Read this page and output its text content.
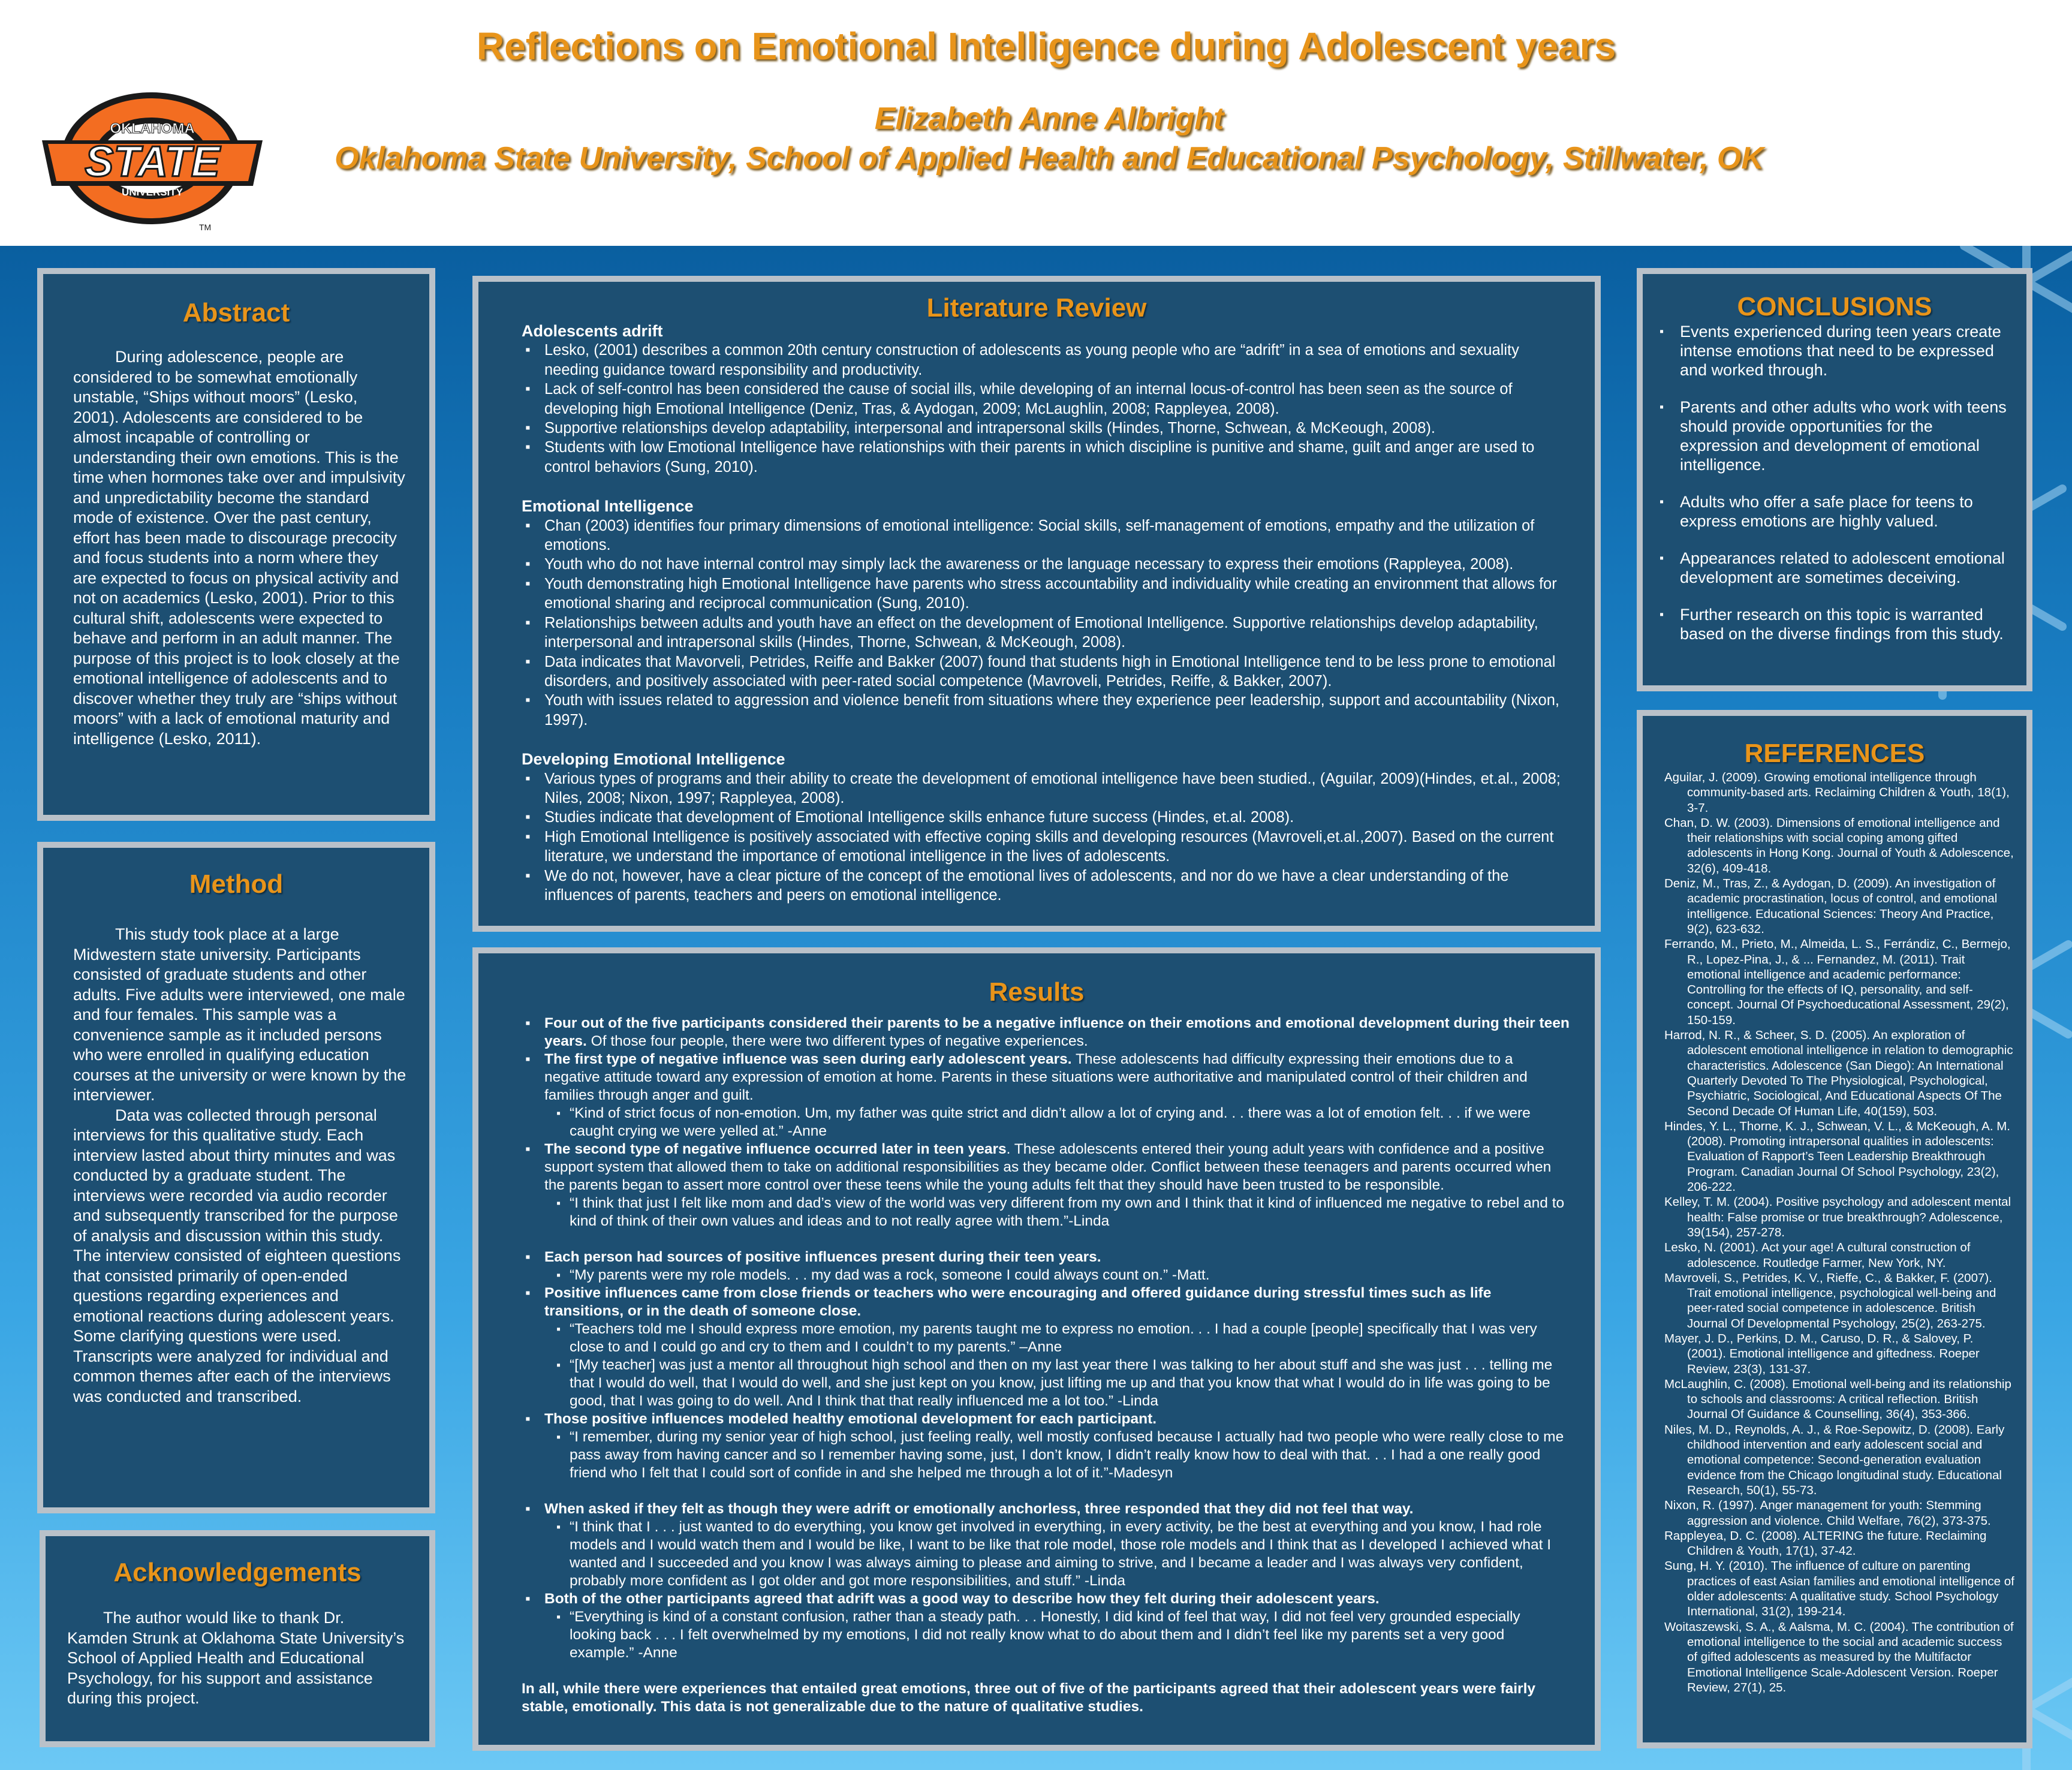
OKLAHOMA
STATE
UNIVERSITY
TM
Reflections on Emotional Intelligence during Adolescent years
Elizabeth Anne Albright
Oklahoma State University, School of Applied Health and Educational Psychology, Stillwater, OK
Abstract

During adolescence, people are considered to be somewhat emotionally unstable, “Ships without moors” (Lesko, 2001). Adolescents are considered to be almost incapable of controlling or understanding their own emotions. This is the time when hormones take over and impulsivity and unpredictability become the standard mode of existence. Over the past century, effort has been made to discourage precocity and focus students into a norm where they are expected to focus on physical activity and not on academics (Lesko, 2001). Prior to this cultural shift, adolescents were expected to behave and perform in an adult manner. The purpose of this project is to look closely at the emotional intelligence of adolescents and to discover whether they truly are “ships without moors” with a lack of emotional maturity and intelligence (Lesko, 2011).

Method

This study took place at a large Midwestern state university. Participants consisted of graduate students and other adults. Five adults were interviewed, one male and four females. This sample was a convenience sample as it included persons who were enrolled in qualifying education courses at the university or were known by the interviewer.

Data was collected through personal interviews for this qualitative study. Each interview lasted about thirty minutes and was conducted by a graduate student. The interviews were recorded via audio recorder and subsequently transcribed for the purpose of analysis and discussion within this study. The interview consisted of eighteen questions that consisted primarily of open-ended questions regarding experiences and emotional reactions during adolescent years. Some clarifying questions were used. Transcripts were analyzed for individual and common themes after each of the interviews was conducted and transcribed.

Acknowledgements

The author would like to thank Dr. Kamden Strunk at Oklahoma State University’s School of Applied Health and Educational Psychology, for his support and assistance during this project.

Literature Review

Adolescents adrift

▪ Lesko, (2001) describes a common 20th century construction of adolescents as young people who are “adrift” in a sea of emotions and sexuality needing guidance toward responsibility and productivity.
▪ Lack of self-control has been considered the cause of social ills, while developing of an internal locus-of-control has been seen as the source of developing high Emotional Intelligence (Deniz, Tras, & Aydogan, 2009; McLaughlin, 2008; Rappleyea, 2008).
▪ Supportive relationships develop adaptability, interpersonal and intrapersonal skills (Hindes, Thorne, Schwean, & McKeough, 2008).
▪ Students with low Emotional Intelligence have relationships with their parents in which discipline is punitive and shame, guilt and anger are used to control behaviors (Sung, 2010).

Emotional Intelligence

▪ Chan (2003) identifies four primary dimensions of emotional intelligence: Social skills, self-management of emotions, empathy and the utilization of emotions.
▪ Youth who do not have internal control may simply lack the awareness or the language necessary to express their emotions (Rappleyea, 2008).
▪ Youth demonstrating high Emotional Intelligence have parents who stress accountability and individuality while creating an environment that allows for emotional sharing and reciprocal communication (Sung, 2010).
▪ Relationships between adults and youth have an effect on the development of Emotional Intelligence. Supportive relationships develop adaptability, interpersonal and intrapersonal skills (Hindes, Thorne, Schwean, & McKeough, 2008).
▪ Data indicates that Mavorveli, Petrides, Reiffe and Bakker (2007) found that students high in Emotional Intelligence tend to be less prone to emotional disorders, and positively associated with peer-rated social competence (Mavroveli, Petrides, Reiffe, & Bakker, 2007).
▪ Youth with issues related to aggression and violence benefit from situations where they experience peer leadership, support and accountability (Nixon, 1997).

Developing Emotional Intelligence

▪ Various types of programs and their ability to create the development of emotional intelligence have been studied., (Aguilar, 2009)(Hindes, et.al., 2008; Niles, 2008; Nixon, 1997; Rappleyea, 2008).
▪ Studies indicate that development of Emotional Intelligence skills enhance future success (Hindes, et.al. 2008).
▪ High Emotional Intelligence is positively associated with effective coping skills and developing resources (Mavroveli,et.al.,2007). Based on the current literature, we understand the importance of emotional intelligence in the lives of adolescents.
▪ We do not, however, have a clear picture of the concept of the emotional lives of adolescents, and nor do we have a clear understanding of the influences of parents, teachers and peers on emotional intelligence.
Results
▪ Four out of the five participants considered their parents to be a negative influence on their emotions and emotional development during their teen years. Of those four people, there were two different types of negative experiences.
▪ The first type of negative influence was seen during early adolescent years. These adolescents had difficulty expressing their emotions due to a negative attitude toward any expression of emotion at home. Parents in these situations were authoritative and manipulated control of their children and families through anger and guilt.
▪ “Kind of strict focus of non-emotion. Um, my father was quite strict and didn’t allow a lot of crying and. . . there was a lot of emotion felt. . . if we were caught crying we were yelled at.” -Anne
▪ The second type of negative influence occurred later in teen years. These adolescents entered their young adult years with confidence and a positive support system that allowed them to take on additional responsibilities as they became older. Conflict between these teenagers and parents occurred when the parents began to assert more control over these teens while the young adults felt that they should have been trusted to be responsible.
▪ “I think that just I felt like mom and dad’s view of the world was very different from my own and I think that it kind of influenced me negative to rebel and to kind of think of their own values and ideas and to not really agree with them.”-Linda
▪ Each person had sources of positive influences present during their teen years.
▪ “My parents were my role models. . . my dad was a rock, someone I could always count on.” -Matt.
▪ Positive influences came from close friends or teachers who were encouraging and offered guidance during stressful times such as life transitions, or in the death of someone close.
▪ “Teachers told me I should express more emotion, my parents taught me to express no emotion. . . I had a couple [people] specifically that I was very close to and I could go and cry to them and I couldn’t to my parents.” –Anne
▪ “[My teacher] was just a mentor all throughout high school and then on my last year there I was talking to her about stuff and she was just . . . telling me that I would do well, that I would do well, and she just kept on you know, just lifting me up and that you know that what I would do in life was going to be good, that I was going to do well. And I think that that really influenced me a lot too.” -Linda
▪ Those positive influences modeled healthy emotional development for each participant.
▪ “I remember, during my senior year of high school, just feeling really, well mostly confused because I actually had two people who were really close to me pass away from having cancer and so I remember having some, just, I don’t know, I didn’t really know how to deal with that. . . I had a one really good friend who I felt that I could sort of confide in and she helped me through a lot of it.”-Madesyn
▪ When asked if they felt as though they were adrift or emotionally anchorless, three responded that they did not feel that way.
▪ “I think that I . . . just wanted to do everything, you know get involved in everything, in every activity, be the best at everything and you know, I had role models and I would watch them and I would be like, I want to be like that role model, those role models and I think that as I developed I achieved what I wanted and I succeeded and you know I was always aiming to please and aiming to strive, and I became a leader and I was always very confident, probably more confident as I got older and got more responsibilities, and stuff.” -Linda
▪ Both of the other participants agreed that adrift was a good way to describe how they felt during their adolescent years.
▪ “Everything is kind of a constant confusion, rather than a steady path. . . Honestly, I did kind of feel that way, I did not feel very grounded especially looking back . . . I felt overwhelmed by my emotions, I did not really know what to do about them and I didn’t feel like my parents set a very good example.” -Anne

In all, while there were experiences that entailed great emotions, three out of five of the participants agreed that their adolescent years were fairly stable, emotionally. This data is not generalizable due to the nature of qualitative studies.

CONCLUSIONS
▪ Events experienced during teen years create intense emotions that need to be expressed and worked through.
▪ Parents and other adults who work with teens should provide opportunities for the expression and development of emotional intelligence.
▪ Adults who offer a safe place for teens to express emotions are highly valued.
▪ Appearances related to adolescent emotional development are sometimes deceiving.
▪ Further research on this topic is warranted based on the diverse findings from this study.
REFERENCES

Aguilar, J. (2009). Growing emotional intelligence through community-based arts. Reclaiming Children & Youth, 18(1), 3-7.

Chan, D. W. (2003). Dimensions of emotional intelligence and their relationships with social coping among gifted adolescents in Hong Kong. Journal of Youth & Adolescence, 32(6), 409-418.

Deniz, M., Tras, Z., & Aydogan, D. (2009). An investigation of academic procrastination, locus of control, and emotional intelligence. Educational Sciences: Theory And Practice, 9(2), 623-632.

Ferrando, M., Prieto, M., Almeida, L. S., Ferrándiz, C., Bermejo, R., Lopez-Pina, J., & ... Fernandez, M. (2011). Trait emotional intelligence and academic performance: Controlling for the effects of IQ, personality, and self-concept. Journal Of Psychoeducational Assessment, 29(2), 150-159.

Harrod, N. R., & Scheer, S. D. (2005). An exploration of adolescent emotional intelligence in relation to demographic characteristics. Adolescence (San Diego): An International Quarterly Devoted To The Physiological, Psychological, Psychiatric, Sociological, And Educational Aspects Of The Second Decade Of Human Life, 40(159), 503.

Hindes, Y. L., Thorne, K. J., Schwean, V. L., & McKeough, A. M. (2008). Promoting intrapersonal qualities in adolescents: Evaluation of Rapport’s Teen Leadership Breakthrough Program. Canadian Journal Of School Psychology, 23(2), 206-222.

Kelley, T. M. (2004). Positive psychology and adolescent mental health: False promise or true breakthrough? Adolescence, 39(154), 257-278.

Lesko, N. (2001). Act your age! A cultural construction of adolescence. Routledge Farmer, New York, NY.

Mavroveli, S., Petrides, K. V., Rieffe, C., & Bakker, F. (2007). Trait emotional intelligence, psychological well-being and peer-rated social competence in adolescence. British Journal Of Developmental Psychology, 25(2), 263-275.

Mayer, J. D., Perkins, D. M., Caruso, D. R., & Salovey, P. (2001). Emotional intelligence and giftedness. Roeper Review, 23(3), 131-37.

McLaughlin, C. (2008). Emotional well-being and its relationship to schools and classrooms: A critical reflection. British Journal Of Guidance & Counselling, 36(4), 353-366.

Niles, M. D., Reynolds, A. J., & Roe-Sepowitz, D. (2008). Early childhood intervention and early adolescent social and emotional competence: Second-generation evaluation evidence from the Chicago longitudinal study. Educational Research, 50(1), 55-73.

Nixon, R. (1997). Anger management for youth: Stemming aggression and violence. Child Welfare, 76(2), 373-375.

Rappleyea, D. C. (2008). ALTERING the future. Reclaiming Children & Youth, 17(1), 37-42.

Sung, H. Y. (2010). The influence of culture on parenting practices of east Asian families and emotional intelligence of older adolescents: A qualitative study. School Psychology International, 31(2), 199-214.

Woitaszewski, S. A., & Aalsma, M. C. (2004). The contribution of emotional intelligence to the social and academic success of gifted adolescents as measured by the Multifactor Emotional Intelligence Scale-Adolescent Version. Roeper Review, 27(1), 25.
